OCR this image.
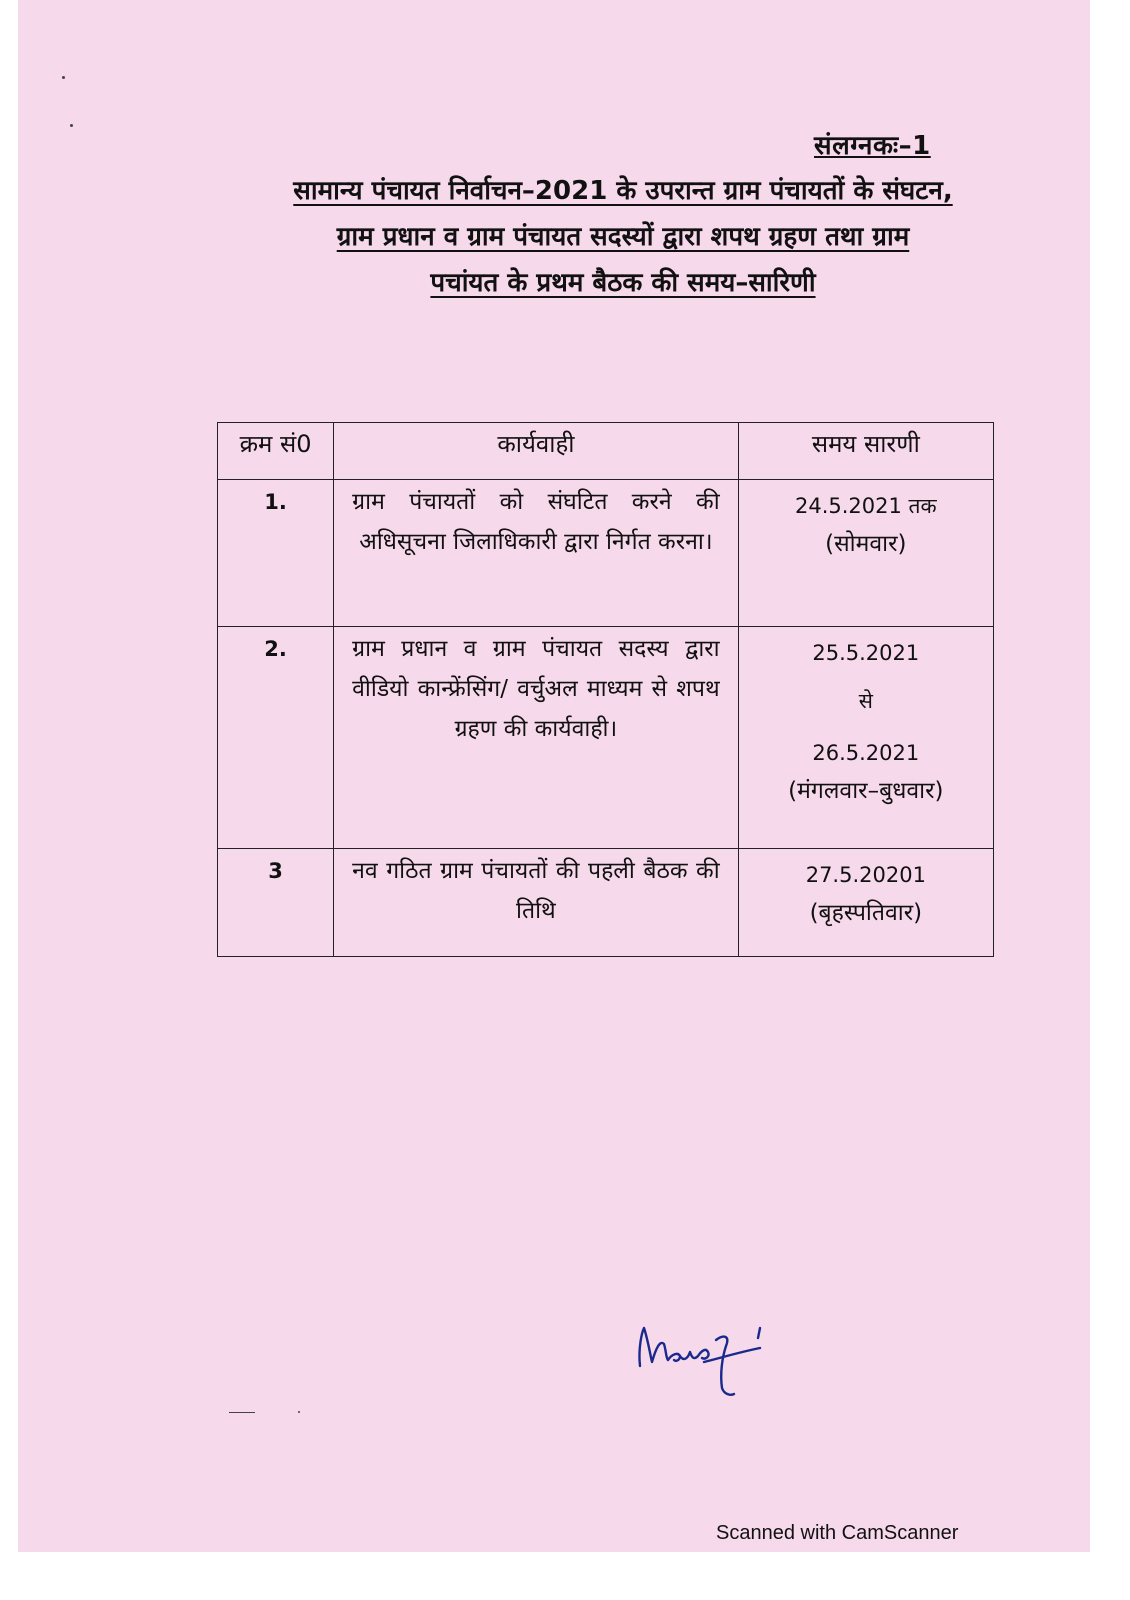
संलग्नकः–1
सामान्य पंचायत निर्वाचन–2021 के उपरान्त ग्राम पंचायतों के संघटन,
ग्राम प्रधान व ग्राम पंचायत सदस्यों द्वारा शपथ ग्रहण तथा ग्राम
पचांयत के प्रथम बैठक की समय–सारिणी
क्रम सं0	कार्यवाही	समय सारणी
1.	ग्राम पंचायतों को संघटित करने की अधिसूचना जिलाधिकारी द्वारा निर्गत करना।	24.5.2021 तक
(सोमवार)

2.	ग्राम प्रधान व ग्राम पंचायत सदस्य द्वारा वीडियो कान्फ्रेंसिंग/ वर्चुअल माध्यम से शपथ ग्रहण की कार्यवाही।	25.5.2021
से
26.5.2021
(मंगलवार–बुधवार)

3	नव गठित ग्राम पंचायतों की पहली बैठक की तिथि	27.5.20201
(बृहस्पतिवार)
Scanned with CamScanner
